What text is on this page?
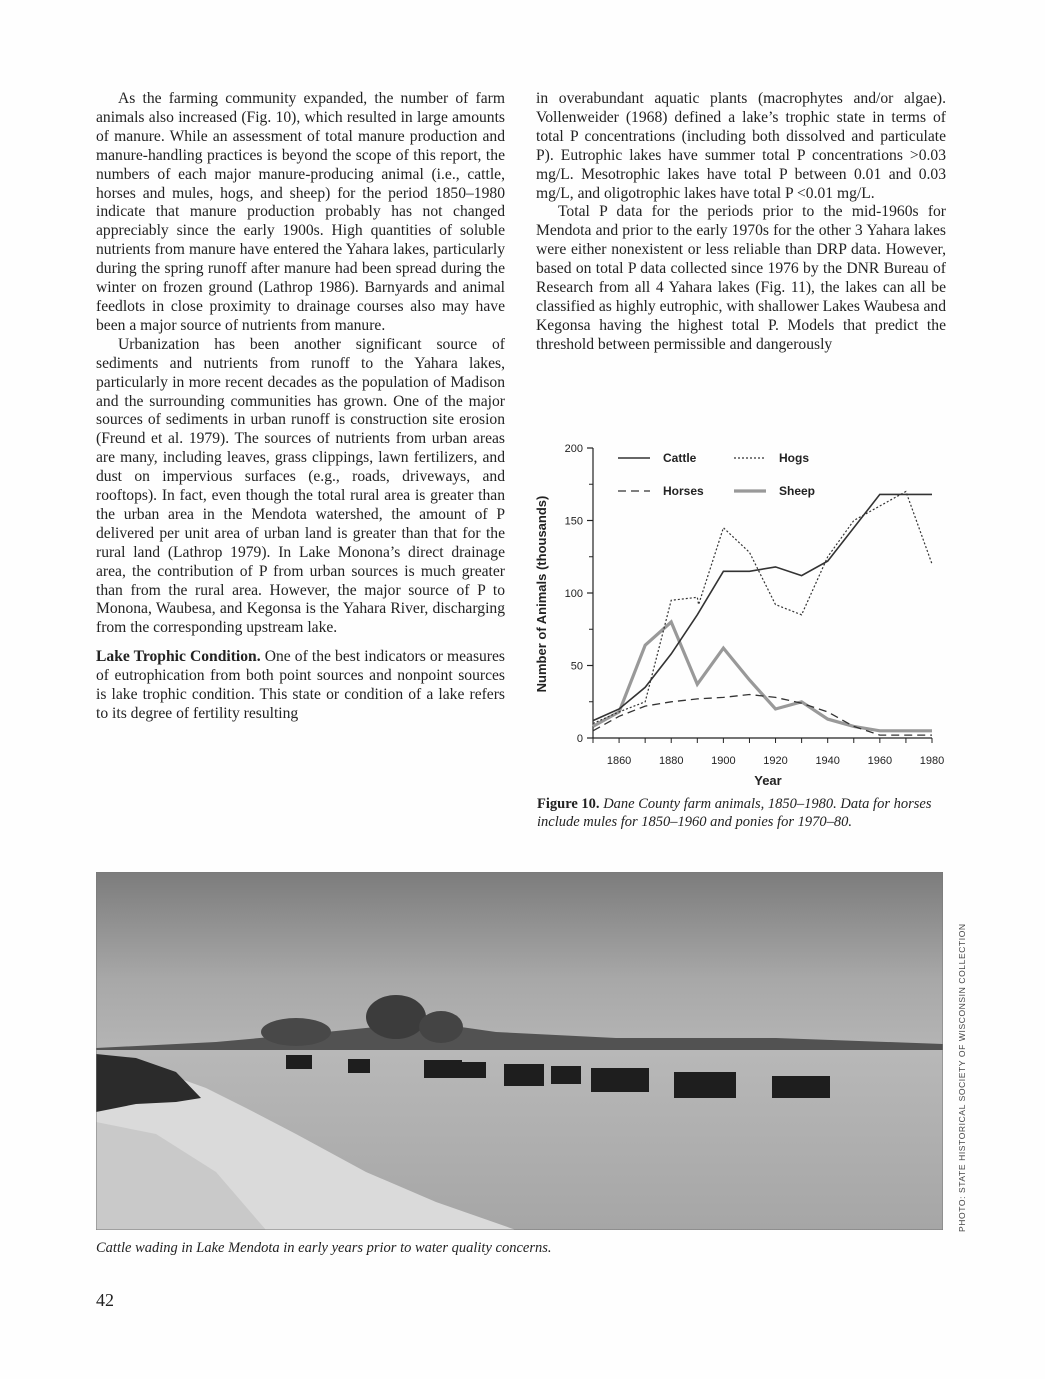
As the farming community expanded, the number of farm animals also increased (Fig. 10), which resulted in large amounts of manure. While an assessment of total manure production and manure-handling practices is beyond the scope of this report, the numbers of each major manure-producing animal (i.e., cattle, horses and mules, hogs, and sheep) for the period 1850–1980 indicate that manure production probably has not changed appreciably since the early 1900s. High quantities of soluble nutrients from manure have entered the Yahara lakes, particularly during the spring runoff after manure had been spread during the winter on frozen ground (Lathrop 1986). Barnyards and animal feedlots in close proximity to drainage courses also may have been a major source of nutrients from manure.

Urbanization has been another significant source of sediments and nutrients from runoff to the Yahara lakes, particularly in more recent decades as the population of Madison and the surrounding communities has grown. One of the major sources of sediments in urban runoff is construction site erosion (Freund et al. 1979). The sources of nutrients from urban areas are many, including leaves, grass clippings, lawn fertilizers, and dust on impervious surfaces (e.g., roads, driveways, and rooftops). In fact, even though the total rural area is greater than the urban area in the Mendota watershed, the amount of P delivered per unit area of urban land is greater than that for the rural land (Lathrop 1979). In Lake Monona’s direct drainage area, the contribution of P from urban sources is much greater than from the rural area. However, the major source of P to Monona, Waubesa, and Kegonsa is the Yahara River, discharging from the corresponding upstream lake.

Lake Trophic Condition. One of the best indicators or measures of eutrophication from both point sources and nonpoint sources is lake trophic condition. This state or condition of a lake refers to its degree of fertility resulting

in overabundant aquatic plants (macrophytes and/or algae). Vollenweider (1968) defined a lake’s trophic state in terms of total P concentrations (including both dissolved and particulate P). Eutrophic lakes have summer total P concentrations >0.03 mg/L. Mesotrophic lakes have total P between 0.01 and 0.03 mg/L, and oligotrophic lakes have total P <0.01 mg/L.

Total P data for the periods prior to the mid-1960s for Mendota and prior to the early 1970s for the other 3 Yahara lakes were either nonexistent or less reliable than DRP data. However, based on total P data collected since 1976 by the DNR Bureau of Research from all 4 Yahara lakes (Fig. 11), the lakes can all be classified as highly eutrophic, with shallower Lakes Waubesa and Kegonsa having the highest total P. Models that predict the threshold between permissible and dangerously

0
50
100
150
200
1860	1880	1900	1920	1940	1960	1980
Cattle	Hogs
Horses	Sheep
Year
Number of Animals (thousands)
Figure 10. Dane County farm animals, 1850–1980. Data for horses include mules for 1850–1960 and ponies for 1970–80.
Cattle wading in Lake Mendota in early years prior to water quality concerns.
PHOTO: STATE HISTORICAL SOCIETY OF WISCONSIN COLLECTION
42
